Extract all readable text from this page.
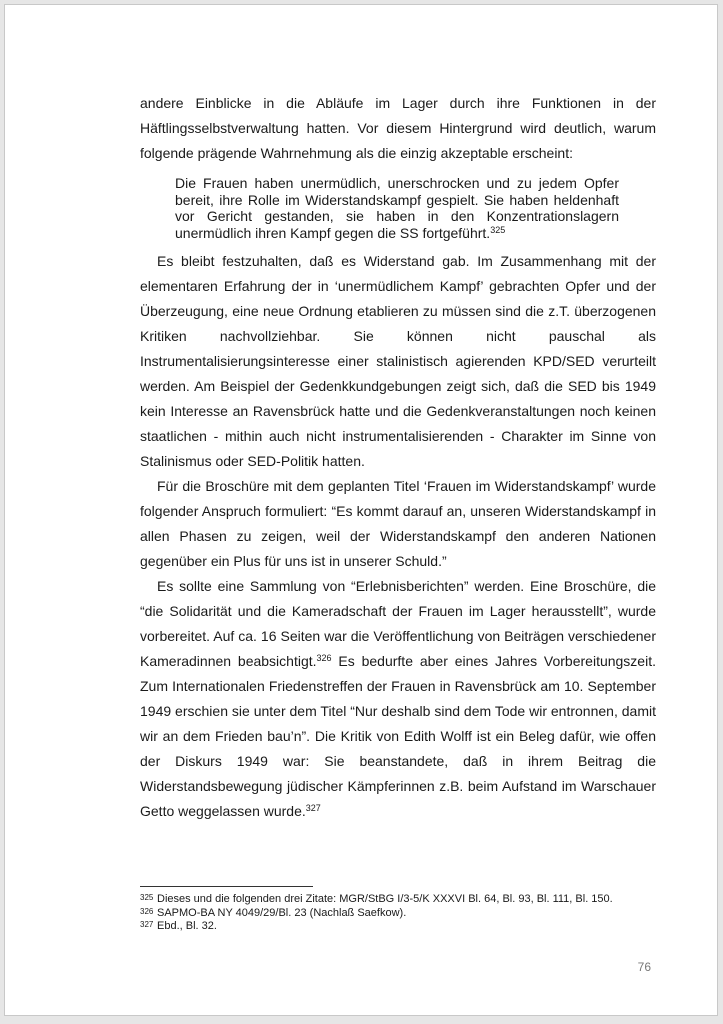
andere Einblicke in die Abläufe im Lager durch ihre Funktionen in der Häftlingsselbstverwaltung hatten. Vor diesem Hintergrund wird deutlich, warum folgende prägende Wahrnehmung als die einzig akzeptable erscheint:

Die Frauen haben unermüdlich, unerschrocken und zu jedem Opfer bereit, ihre Rolle im Widerstandskampf gespielt. Sie haben heldenhaft vor Gericht gestanden, sie haben in den Konzentrationslagern unermüdlich ihren Kampf gegen die SS fortgeführt.$^{325}$

Es bleibt festzuhalten, daß es Widerstand gab. Im Zusammenhang mit der elementaren Erfahrung der in ‘unermüdlichem Kampf’ gebrachten Opfer und der Überzeugung, eine neue Ordnung etablieren zu müssen sind die z.T. überzogenen Kritiken nachvollziehbar. Sie können nicht pauschal als Instrumentalisierungsinteresse einer stalinistisch agierenden KPD/SED verurteilt werden. Am Beispiel der Gedenkkundgebungen zeigt sich, daß die SED bis 1949 kein Interesse an Ravensbrück hatte und die Gedenkveranstaltungen noch keinen staatlichen - mithin auch nicht instrumentalisierenden - Charakter im Sinne von Stalinismus oder SED-Politik hatten.

Für die Broschüre mit dem geplanten Titel ‘Frauen im Widerstandskampf’ wurde folgender Anspruch formuliert: “Es kommt darauf an, unseren Widerstandskampf in allen Phasen zu zeigen, weil der Widerstandskampf den anderen Nationen gegenüber ein Plus für uns ist in unserer Schuld.”

Es sollte eine Sammlung von “Erlebnisberichten” werden. Eine Broschüre, die “die Solidarität und die Kameradschaft der Frauen im Lager herausstellt”, wurde vorbereitet. Auf ca. 16 Seiten war die Veröffentlichung von Beiträgen verschiedener Kameradinnen beabsichtigt.$^{326}$ Es bedurfte aber eines Jahres Vorbereitungszeit. Zum Internationalen Friedenstreffen der Frauen in Ravensbrück am 10. September 1949 erschien sie unter dem Titel “Nur deshalb sind dem Tode wir entronnen, damit wir an dem Frieden bau’n”. Die Kritik von Edith Wolff ist ein Beleg dafür, wie offen der Diskurs 1949 war: Sie beanstandete, daß in ihrem Beitrag die Widerstandsbewegung jüdischer Kämpferinnen z.B. beim Aufstand im Warschauer Getto weggelassen wurde.$^{327}$

325 Dieses und die folgenden drei Zitate: MGR/StBG I/3-5/K XXXVI Bl. 64, Bl. 93, Bl. 111, Bl. 150.
326 SAPMO-BA NY 4049/29/Bl. 23 (Nachlaß Saefkow).
327 Ebd., Bl. 32.
76
